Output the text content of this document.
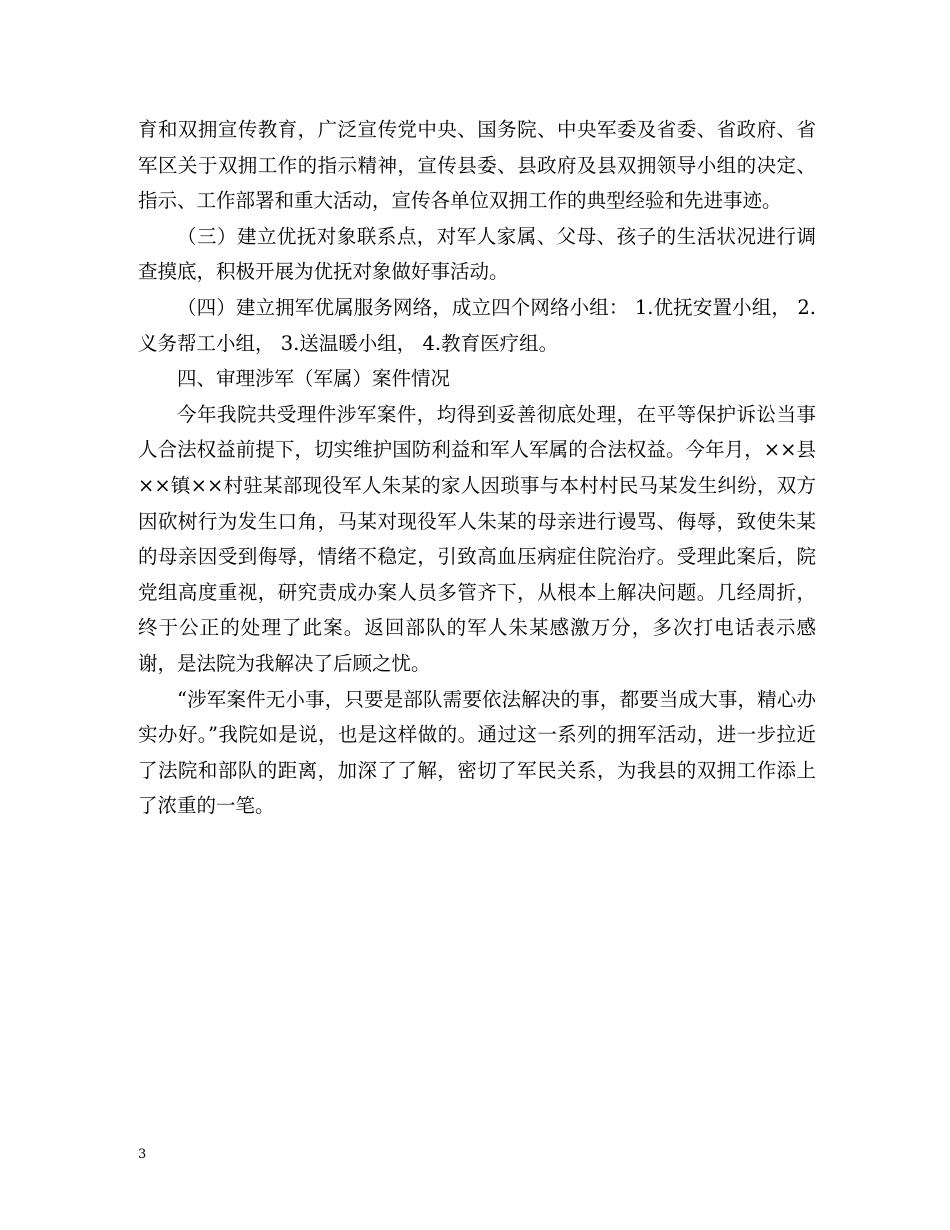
育和双拥宣传教育，广泛宣传党中央、国务院、中央军委及省委、省政府、省军区关于双拥工作的指示精神，宣传县委、县政府及县双拥领导小组的决定、指示、工作部署和重大活动，宣传各单位双拥工作的典型经验和先进事迹。

（三）建立优抚对象联系点，对军人家属、父母、孩子的生活状况进行调查摸底，积极开展为优抚对象做好事活动。

（四）建立拥军优属服务网络，成立四个网络小组： 1.优抚安置小组， 2.义务帮工小组， 3.送温暖小组， 4.教育医疗组。

四、审理涉军（军属）案件情况

今年我院共受理件涉军案件，均得到妥善彻底处理，在平等保护诉讼当事人合法权益前提下，切实维护国防利益和军人军属的合法权益。今年月，××县××镇××村驻某部现役军人朱某的家人因琐事与本村村民马某发生纠纷，双方因砍树行为发生口角，马某对现役军人朱某的母亲进行谩骂、侮辱，致使朱某的母亲因受到侮辱，情绪不稳定，引致高血压病症住院治疗。受理此案后，院党组高度重视，研究责成办案人员多管齐下，从根本上解决问题。几经周折，终于公正的处理了此案。返回部队的军人朱某感激万分，多次打电话表示感谢，是法院为我解决了后顾之忧。

“涉军案件无小事，只要是部队需要依法解决的事，都要当成大事，精心办实办好。”我院如是说，也是这样做的。通过这一系列的拥军活动，进一步拉近了法院和部队的距离，加深了了解，密切了军民关系，为我县的双拥工作添上了浓重的一笔。

3
